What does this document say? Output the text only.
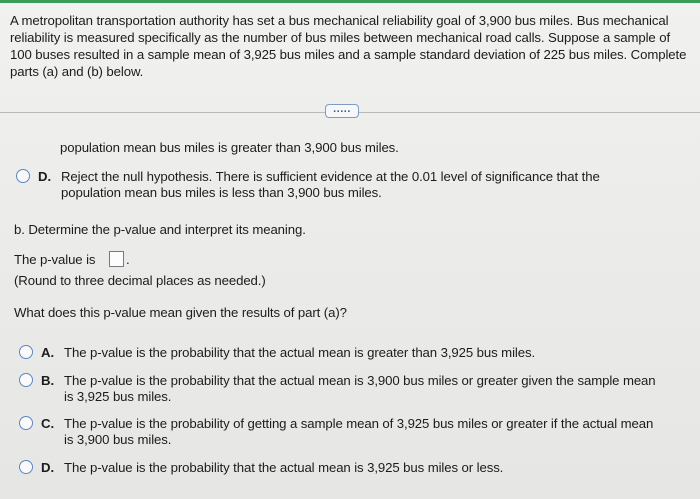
A metropolitan transportation authority has set a bus mechanical reliability goal of 3,900 bus miles. Bus mechanical reliability is measured specifically as the number of bus miles between mechanical road calls. Suppose a sample of 100 buses resulted in a sample mean of 3,925 bus miles and a sample standard deviation of 225 bus miles. Complete parts (a) and (b) below.
.....
population mean bus miles is greater than 3,900 bus miles.
D. Reject the null hypothesis. There is sufficient evidence at the 0.01 level of significance that the
population mean bus miles is less than 3,900 bus miles.
b. Determine the p-value and interpret its meaning.
The p-value is .
(Round to three decimal places as needed.)
What does this p-value mean given the results of part (a)?
A. The p-value is the probability that the actual mean is greater than 3,925 bus miles.
B. The p-value is the probability that the actual mean is 3,900 bus miles or greater given the sample mean
is 3,925 bus miles.
C. The p-value is the probability of getting a sample mean of 3,925 bus miles or greater if the actual mean
is 3,900 bus miles.
D. The p-value is the probability that the actual mean is 3,925 bus miles or less.
